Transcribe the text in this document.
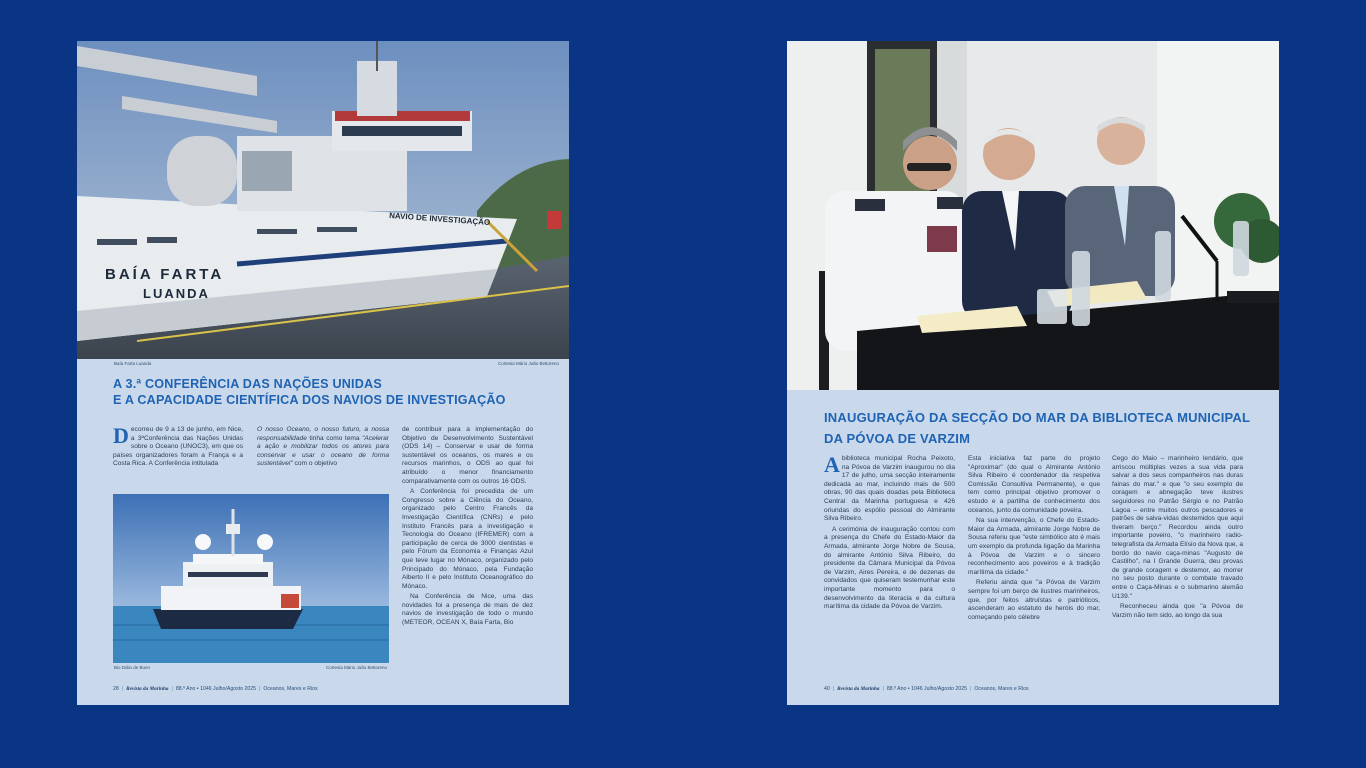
BAÍA FARTA
LUANDA
NAVIO DE INVESTIGAÇÃO
Baía Farta Luanda	Cortesia Mário João Bettoreno
A 3.ª CONFERÊNCIA DAS NAÇÕES UNIDAS
E A CAPACIDADE CIENTÍFICA DOS NAVIOS DE INVESTIGAÇÃO

Decorreu de 9 a 13 de junho, em Nice, a 3ªConferência das Nações Unidas sobre o Oceano (UNOC3), em que os países organizadores foram a França e a Costa Rica. A Conferência intitulada

O nosso Oceano, o nosso futuro, a nossa responsabilidade tinha como tema "Acelerar a ação e mobilizar todos os atores para conservar e usar o oceano de forma sustentável" com o objetivo

de contribuir para a implementação do Objetivo de Desenvolvimento Sustentável (ODS 14) – Conservar e usar de forma sustentável os oceanos, os mares e os recursos marinhos, o ODS ao qual foi atribuído o menor financiamento comparativamente com os outros 16 ODS.

A Conferência foi precedida de um Congresso sobre a Ciência do Oceano, organizado pelo Centro Francês da Investigação Científica (CNRs) e pelo Instituto Francês para a investigação e Tecnologia do Oceano (IFREMER) com a participação de cerca de 3000 cientistas e pelo Fórum da Economia e Finanças Azul que teve lugar no Mónaco, organizado pelo Principado do Mónaco, pela Fundação Alberto II e pelo Instituto Oceanográfico do Mónaco.

Na Conferência de Nice, uma das novidades foi a presença de mais de dez navios de investigação de todo o mundo (METEOR, OCEAN X, Baía Farta, Bio

Bio Diálo de Buen	Cortesia Mário João Bettoreno
28 | Revista da Marinha | 88.º Ano • 1046 Julho/Agosto 2025 | Oceanos, Mares e Rios
INAUGURAÇÃO DA SECÇÃO DO MAR DA BIBLIOTECA MUNICIPAL
DA PÓVOA DE VARZIM

Abiblioteca municipal Rocha Peixoto, na Póvoa de Varzim inaugurou no dia 17 de julho, uma secção inteiramente dedicada ao mar, incluindo mais de 500 obras, 90 das quais doadas pela Biblioteca Central da Marinha portuguesa e 426 oriundas do espólio pessoal do Almirante Silva Ribeiro.

A cerimónia de inauguração contou com a presença do Chefe do Estado-Maior da Armada, almirante Jorge Nobre de Sousa, do almirante António Silva Ribeiro, do presidente da Câmara Municipal da Póvoa de Varzim, Aires Pereira, e de dezenas de convidados que quiseram testemunhar este importante momento para o desenvolvimento da literacia e da cultura marítima da cidade da Póvoa de Varzim.

Esta iniciativa faz parte do projeto "Aproximar" (do qual o Almirante António Silva Ribeiro é coordenador da respetiva Comissão Consultiva Permanente), e que tem como principal objetivo promover o estudo e a partilha de conhecimento dos oceanos, junto da comunidade poveira.

Na sua intervenção, o Chefe do Estado-Maior da Armada, almirante Jorge Nobre de Sousa referiu que "este simbólico ato é mais um exemplo da profunda ligação da Marinha à Póvoa de Varzim e o sincero reconhecimento aos poveiros e à tradição marítima da cidade."

Referiu ainda que "a Póvoa de Varzim sempre foi um berço de ilustres marinheiros, que, por feitos altruístas e patrióticos, ascenderam ao estatuto de heróis do mar, começando pelo célebre

Cego do Maio – marinheiro lendário, que arriscou múltiplas vezes a sua vida para salvar a dos seus companheiros nas duras fainas do mar." e que "o seu exemplo de coragem e abnegação teve ilustres seguidores no Patrão Sérgio e no Patrão Lagoa – entre muitos outros pescadores e patrões de salva-vidas destemidos que aqui tiveram berço." Recordou ainda outro importante poveiro, "o marinheiro radio-telegrafista da Armada Elísio da Nova que, a bordo do navio caça-minas "Augusto de Castilho", na I Grande Guerra, deu provas de grande coragem e destemor, ao morrer no seu posto durante o combate travado entre o Caça-Minas e o submarino alemão U139."

Reconheceu ainda que "a Póvoa de Varzim não tem sido, ao longo da sua

40 | Revista da Marinha | 88.º Ano • 1046 Julho/Agosto 2025 | Oceanos, Mares e Rios
